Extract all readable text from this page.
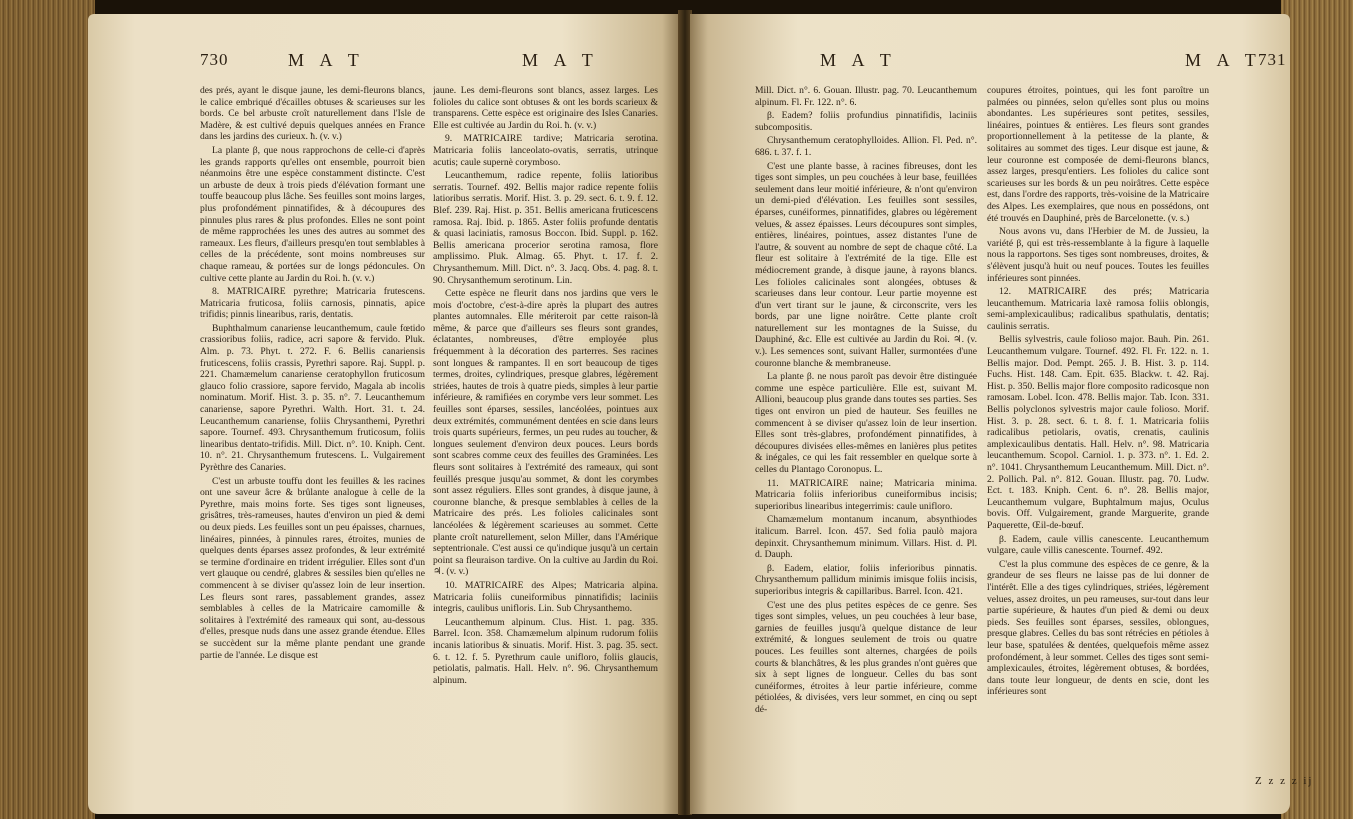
730	M A T	M A T

des prés, ayant le disque jaune, les demi-fleurons blancs, le calice embriqué d'écailles obtuses & scarieuses sur les bords. Ce bel arbuste croît naturellement dans l'Isle de Madère, & est cultivé depuis quelques années en France dans les jardins des curieux. ħ. (v. v.)

La plante β, que nous rapprochons de celle-ci d'après les grands rapports qu'elles ont ensemble, pourroit bien néanmoins être une espèce constamment distincte. C'est un arbuste de deux à trois pieds d'élévation formant une touffe beaucoup plus lâche. Ses feuilles sont moins larges, plus profondément pinnatifides, & à découpures des pinnules plus rares & plus profondes. Elles ne sont point de même rapprochées les unes des autres au sommet des rameaux. Les fleurs, d'ailleurs presqu'en tout semblables à celles de la précédente, sont moins nombreuses sur chaque rameau, & portées sur de longs pédoncules. On cultive cette plante au Jardin du Roi. ħ. (v. v.)

8. MATRICAIRE pyrethre; Matricaria frutescens. Matricaria fruticosa, foliis carnosis, pinnatis, apice trifidis; pinnis linearibus, raris, dentatis.

Buphthalmum canariense leucanthemum, caule fœtido crassioribus foliis, radice, acri sapore & fervido. Pluk. Alm. p. 73. Phyt. t. 272. F. 6. Bellis canariensis fruticescens, foliis crassis, Pyrethri sapore. Raj. Suppl. p. 221. Chamæmelum canariense ceratophyllon fruticosum glauco folio crassiore, sapore fervido, Magala ab incolis nominatum. Morif. Hist. 3. p. 35. n°. 7. Leucanthemum canariense, sapore Pyrethri. Walth. Hort. 31. t. 24. Leucanthemum canariense, foliis Chrysanthemi, Pyrethri sapore. Tournef. 493. Chrysanthemum fruticosum, foliis linearibus dentato-trifidis. Mill. Dict. n°. 10. Kniph. Cent. 10. n°. 21. Chrysanthemum frutescens. L. Vulgairement Pyrèthre des Canaries.

C'est un arbuste touffu dont les feuilles & les racines ont une saveur âcre & brûlante analogue à celle de la Pyrethre, mais moins forte. Ses tiges sont ligneuses, grisâtres, très-rameuses, hautes d'environ un pied & demi ou deux pieds. Les feuilles sont un peu épaisses, charnues, linéaires, pinnées, à pinnules rares, étroites, munies de quelques dents éparses assez profondes, & leur extrémité se termine d'ordinaire en trident irrégulier. Elles sont d'un vert glauque ou cendré, glabres & sessiles bien qu'elles ne commencent à se diviser qu'assez loin de leur insertion. Les fleurs sont rares, passablement grandes, assez semblables à celles de la Matricaire camomille & solitaires à l'extrémité des rameaux qui sont, au-dessous d'elles, presque nuds dans une assez grande étendue. Elles se succèdent sur la même plante pendant une grande partie de l'année. Le disque est

jaune. Les demi-fleurons sont blancs, assez larges. Les folioles du calice sont obtuses & ont les bords scarieux & transparens. Cette espèce est originaire des Isles Canaries. Elle est cultivée au Jardin du Roi. ħ. (v. v.)

9. MATRICAIRE tardive; Matricaria serotina. Matricaria foliis lanceolato-ovatis, serratis, utrinque acutis; caule supernè corymboso.

Leucanthemum, radice repente, foliis latioribus serratis. Tournef. 492. Bellis major radice repente foliis latioribus serratis. Morif. Hist. 3. p. 29. sect. 6. t. 9. f. 12. Blef. 239. Raj. Hist. p. 351. Bellis americana fruticescens ramosa. Raj. Ibid. p. 1865. Aster foliis profunde dentatis & quasi laciniatis, ramosus Boccon. Ibid. Suppl. p. 162. Bellis americana procerior serotina ramosa, flore amplissimo. Pluk. Almag. 65. Phyt. t. 17. f. 2. Chrysanthemum. Mill. Dict. n°. 3. Jacq. Obs. 4. pag. 8. t. 90. Chrysanthemum serotinum. Lin.

Cette espèce ne fleurit dans nos jardins que vers le mois d'octobre, c'est-à-dire après la plupart des autres plantes automnales. Elle mériteroit par cette raison-là même, & parce que d'ailleurs ses fleurs sont grandes, éclatantes, nombreuses, d'être employée plus fréquemment à la décoration des parterres. Ses racines sont longues & rampantes. Il en sort beaucoup de tiges termes, droites, cylindriques, presque glabres, légèrement striées, hautes de trois à quatre pieds, simples à leur partie inférieure, & ramifiées en corymbe vers leur sommet. Les feuilles sont éparses, sessiles, lancéolées, pointues aux deux extrémités, communément dentées en scie dans leurs trois quarts supérieurs, fermes, un peu rudes au toucher, & longues seulement d'environ deux pouces. Leurs bords sont scabres comme ceux des feuilles des Graminées. Les fleurs sont solitaires à l'extrémité des rameaux, qui sont feuillés presque jusqu'au sommet, & dont les corymbes sont assez réguliers. Elles sont grandes, à disque jaune, à couronne blanche, & presque semblables à celles de la Matricaire des prés. Les folioles calicinales sont lancéolées & légèrement scarieuses au sommet. Cette plante croît naturellement, selon Miller, dans l'Amérique septentrionale. C'est aussi ce qu'indique jusqu'à un certain point sa fleuraison tardive. On la cultive au Jardin du Roi. ♃. (v. v.)

10. MATRICAIRE des Alpes; Matricaria alpina. Matricaria foliis cuneiformibus pinnatifidis; laciniis integris, caulibus unifloris. Lin. Sub Chrysanthemo.

Leucanthemum alpinum. Clus. Hist. 1. pag. 335. Barrel. Icon. 358. Chamæmelum alpinum rudorum foliis incanis latioribus & sinuatis. Morif. Hist. 3. pag. 35. sect. 6. t. 12. f. 5. Pyrethrum caule unifloro, foliis glaucis, petiolatis, palmatis. Hall. Helv. n°. 96. Chrysanthemum alpinum.

M A T	M A T
731

Mill. Dict. n°. 6. Gouan. Illustr. pag. 70. Leucanthemum alpinum. Fl. Fr. 122. n°. 6.

β. Eadem? foliis profundius pinnatifidis, laciniis subcompositis.

Chrysanthemum ceratophylloides. Allion. Fl. Ped. n°. 686. t. 37. f. 1.

C'est une plante basse, à racines fibreuses, dont les tiges sont simples, un peu couchées à leur base, feuillées seulement dans leur moitié inférieure, & n'ont qu'environ un demi-pied d'élévation. Les feuilles sont sessiles, éparses, cunéiformes, pinnatifides, glabres ou légèrement velues, & assez épaisses. Leurs découpures sont simples, entières, linéaires, pointues, assez distantes l'une de l'autre, & souvent au nombre de sept de chaque côté. La fleur est solitaire à l'extrémité de la tige. Elle est médiocrement grande, à disque jaune, à rayons blancs. Les folioles calicinales sont alongées, obtuses & scarieuses dans leur contour. Leur partie moyenne est d'un vert tirant sur le jaune, & circonscrite, vers les bords, par une ligne noirâtre. Cette plante croît naturellement sur les montagnes de la Suisse, du Dauphiné, &c. Elle est cultivée au Jardin du Roi. ♃. (v. v.). Les semences sont, suivant Haller, surmontées d'une couronne blanche & membraneuse.

La plante β. ne nous paroît pas devoir être distinguée comme une espèce particulière. Elle est, suivant M. Allioni, beaucoup plus grande dans toutes ses parties. Ses tiges ont environ un pied de hauteur. Ses feuilles ne commencent à se diviser qu'assez loin de leur insertion. Elles sont très-glabres, profondément pinnatifides, à découpures divisées elles-mêmes en lanières plus petites & inégales, ce qui les fait ressembler en quelque sorte à celles du Plantago Coronopus. L.

11. MATRICAIRE naine; Matricaria minima. Matricaria foliis inferioribus cuneiformibus incisis; superioribus linearibus integerrimis: caule unifloro.

Chamæmelum montanum incanum, absynthiodes italicum. Barrel. Icon. 457. Sed folia paulò majora depinxit. Chrysanthemum minimum. Villars. Hist. d. Pl. d. Dauph.

β. Eadem, elatior, foliis inferioribus pinnatis. Chrysanthemum pallidum minimis imisque foliis incisis, superioribus integris & capillaribus. Barrel. Icon. 421.

C'est une des plus petites espèces de ce genre. Ses tiges sont simples, velues, un peu couchées à leur base, garnies de feuilles jusqu'à quelque distance de leur extrémité, & longues seulement de trois ou quatre pouces. Les feuilles sont alternes, chargées de poils courts & blanchâtres, & les plus grandes n'ont guères que six à sept lignes de longueur. Celles du bas sont cunéiformes, étroites à leur partie inférieure, comme pétiolées, & divisées, vers leur sommet, en cinq ou sept dé-

coupures étroites, pointues, qui les font paroître un palmées ou pinnées, selon qu'elles sont plus ou moins abondantes. Les supérieures sont petites, sessiles, linéaires, pointues & entières. Les fleurs sont grandes proportionnellement à la petitesse de la plante, & solitaires au sommet des tiges. Leur disque est jaune, & leur couronne est composée de demi-fleurons blancs, assez larges, presqu'entiers. Les folioles du calice sont scarieuses sur les bords & un peu noirâtres. Cette espèce est, dans l'ordre des rapports, très-voisine de la Matricaire des Alpes. Les exemplaires, que nous en possédons, ont été trouvés en Dauphiné, près de Barcelonette. (v. s.)

Nous avons vu, dans l'Herbier de M. de Jussieu, la variété β, qui est très-ressemblante à la figure à laquelle nous la rapportons. Ses tiges sont nombreuses, droites, & s'élèvent jusqu'à huit ou neuf pouces. Toutes les feuilles inférieures sont pinnées.

12. MATRICAIRE des prés; Matricaria leucanthemum. Matricaria laxè ramosa foliis oblongis, semi-amplexicaulibus; radicalibus spathulatis, dentatis; caulinis serratis.

Bellis sylvestris, caule folioso major. Bauh. Pin. 261. Leucanthemum vulgare. Tournef. 492. Fl. Fr. 122. n. 1. Bellis major. Dod. Pempt. 265. J. B. Hist. 3. p. 114. Fuchs. Hist. 148. Cam. Epit. 635. Blackw. t. 42. Raj. Hist. p. 350. Bellis major flore composito radicosque non ramosam. Lobel. Icon. 478. Bellis major. Tab. Icon. 331. Bellis polyclonos sylvestris major caule folioso. Morif. Hist. 3. p. 28. sect. 6. t. 8. f. 1. Matricaria foliis radicalibus petiolaris, ovatis, crenatis, caulinis amplexicaulibus dentatis. Hall. Helv. n°. 98. Matricaria leucanthemum. Scopol. Carniol. 1. p. 373. n°. 1. Ed. 2. n°. 1041. Chrysanthemum Leucanthemum. Mill. Dict. n°. 2. Pollich. Pal. n°. 812. Gouan. Illustr. pag. 70. Ludw. Ect. t. 183. Kniph. Cent. 6. n°. 28. Bellis major, Leucanthemum vulgare, Buphtalmum majus, Oculus bovis. Off. Vulgairement, grande Marguerite, grande Paquerette, Œil-de-bœuf.

β. Eadem, caule villis canescente. Leucanthemum vulgare, caule villis canescente. Tournef. 492.

C'est la plus commune des espèces de ce genre, & la grandeur de ses fleurs ne laisse pas de lui donner de l'intérêt. Elle a des tiges cylindriques, striées, légèrement velues, assez droites, un peu rameuses, sur-tout dans leur partie supérieure, & hautes d'un pied & demi ou deux pieds. Ses feuilles sont éparses, sessiles, oblongues, presque glabres. Celles du bas sont rétrécies en pétioles à leur base, spatulées & dentées, quelquefois même assez profondément, à leur sommet. Celles des tiges sont semi-amplexicaules, étroites, légèrement obtuses, & bordées, dans toute leur longueur, de dents en scie, dont les inférieures sont

Z z z z ij
